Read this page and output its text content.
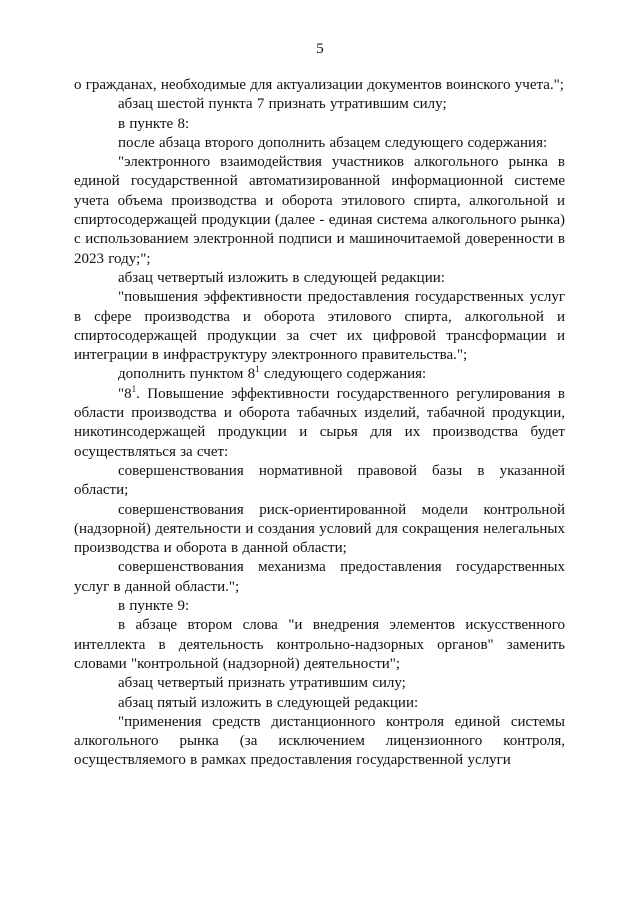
5

о гражданах, необходимые для актуализации документов воинского учета.";

абзац шестой пункта 7 признать утратившим силу;

в пункте 8:

после абзаца второго дополнить абзацем следующего содержания:

"электронного взаимодействия участников алкогольного рынка в единой государственной автоматизированной информационной системе учета объема производства и оборота этилового спирта, алкогольной и спиртосодержащей продукции (далее - единая система алкогольного рынка) с использованием электронной подписи и машиночитаемой доверенности в 2023 году;";

абзац четвертый изложить в следующей редакции:

"повышения эффективности предоставления государственных услуг в сфере производства и оборота этилового спирта, алкогольной и спиртосодержащей продукции за счет их цифровой трансформации и интеграции в инфраструктуру электронного правительства.";

дополнить пунктом $8^1$ следующего содержания:

"$8^1$. Повышение эффективности государственного регулирования в области производства и оборота табачных изделий, табачной продукции, никотинсодержащей продукции и сырья для их производства будет осуществляться за счет:

совершенствования нормативной правовой базы в указанной области;

совершенствования риск-ориентированной модели контрольной (надзорной) деятельности и создания условий для сокращения нелегальных производства и оборота в данной области;

совершенствования механизма предоставления государственных услуг в данной области.";

в пункте 9:

в абзаце втором слова "и внедрения элементов искусственного интеллекта в деятельность контрольно-надзорных органов" заменить словами "контрольной (надзорной) деятельности";

абзац четвертый признать утратившим силу;

абзац пятый изложить в следующей редакции:

"применения средств дистанционного контроля единой системы алкогольного рынка (за исключением лицензионного контроля, осуществляемого в рамках предоставления государственной услуги
